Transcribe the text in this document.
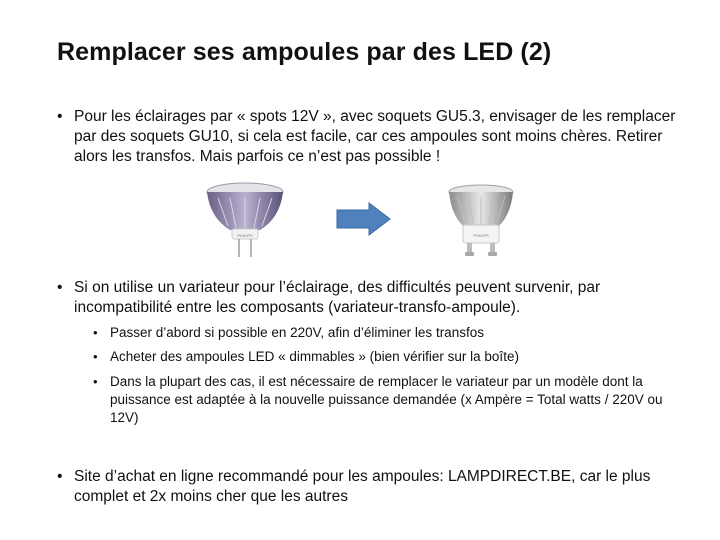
Remplacer ses ampoules par des LED (2)
• Pour les éclairages par « spots 12V », avec soquets GU5.3, envisager de les remplacer par des soquets GU10, si cela est facile, car ces ampoules sont moins chères. Retirer alors les transfos. Mais parfois ce n’est pas possible !
PHILIPS	PHILIPS
• Si on utilise un variateur pour l’éclairage, des difficultés peuvent survenir, par incompatibilité entre les composants (variateur-transfo-ampoule).
• Passer d’abord si possible en 220V, afin d’éliminer les transfos
• Acheter des ampoules LED « dimmables » (bien vérifier sur la boîte)
• Dans la plupart des cas, il est nécessaire de remplacer le variateur par un modèle dont la puissance est adaptée à la nouvelle puissance demandée (x Ampère = Total watts / 220V ou 12V)
• Site d’achat en ligne recommandé pour les ampoules: LAMPDIRECT.BE, car le plus complet et 2x moins cher que les autres
